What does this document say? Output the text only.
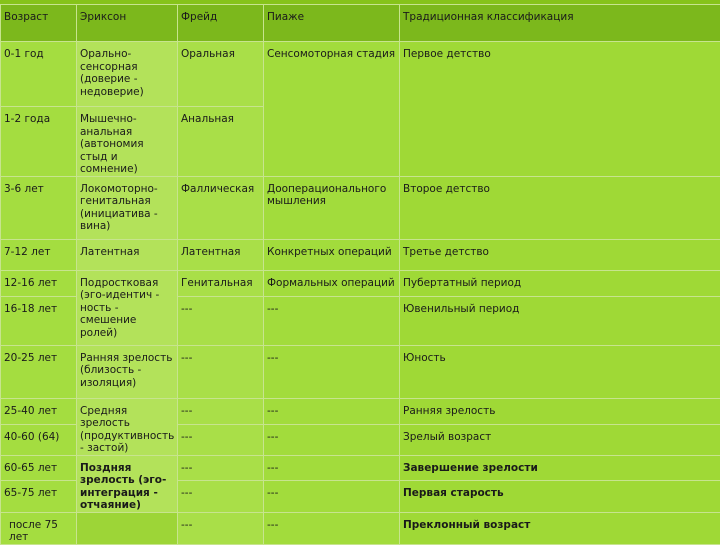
Возраст	Эриксон	Фрейд	Пиаже	Традиционная классификация
0-1 год	Орально-сенсорная (доверие - недоверие)	Оральная	Сенсомоторная стадия	Первое детство
1-2 года	Мышечно-анальная (автономия стыд и сомнение)	Анальная		
3-6 лет	Локомоторно-генитальная (инициатива - вина)	Фаллическая	Дооперационального мышления	Второе детство
7-12 лет	Латентная	Латентная	Конкретных операций	Третье детство
12-16 лет	Подростковая (эго-идентич - ность - смешение ролей)	Генитальная	Формальных операций	Пубертатный период
16-18 лет		---	---	Ювенильный период
20-25 лет	Ранняя зрелость (близость - изоляция)	---	---	Юность
25-40 лет	Средняя зрелость (продуктивность - застой)	---	---	Ранняя зрелость
40-60 (64)		---	---	Зрелый возраст
60-65 лет	Поздняя зрелость (эго-интеграция - отчаяние)	---	---	Завершение зрелости
65-75 лет		---	---	Первая старость
после 75 лет		---	---	Преклонный возраст
